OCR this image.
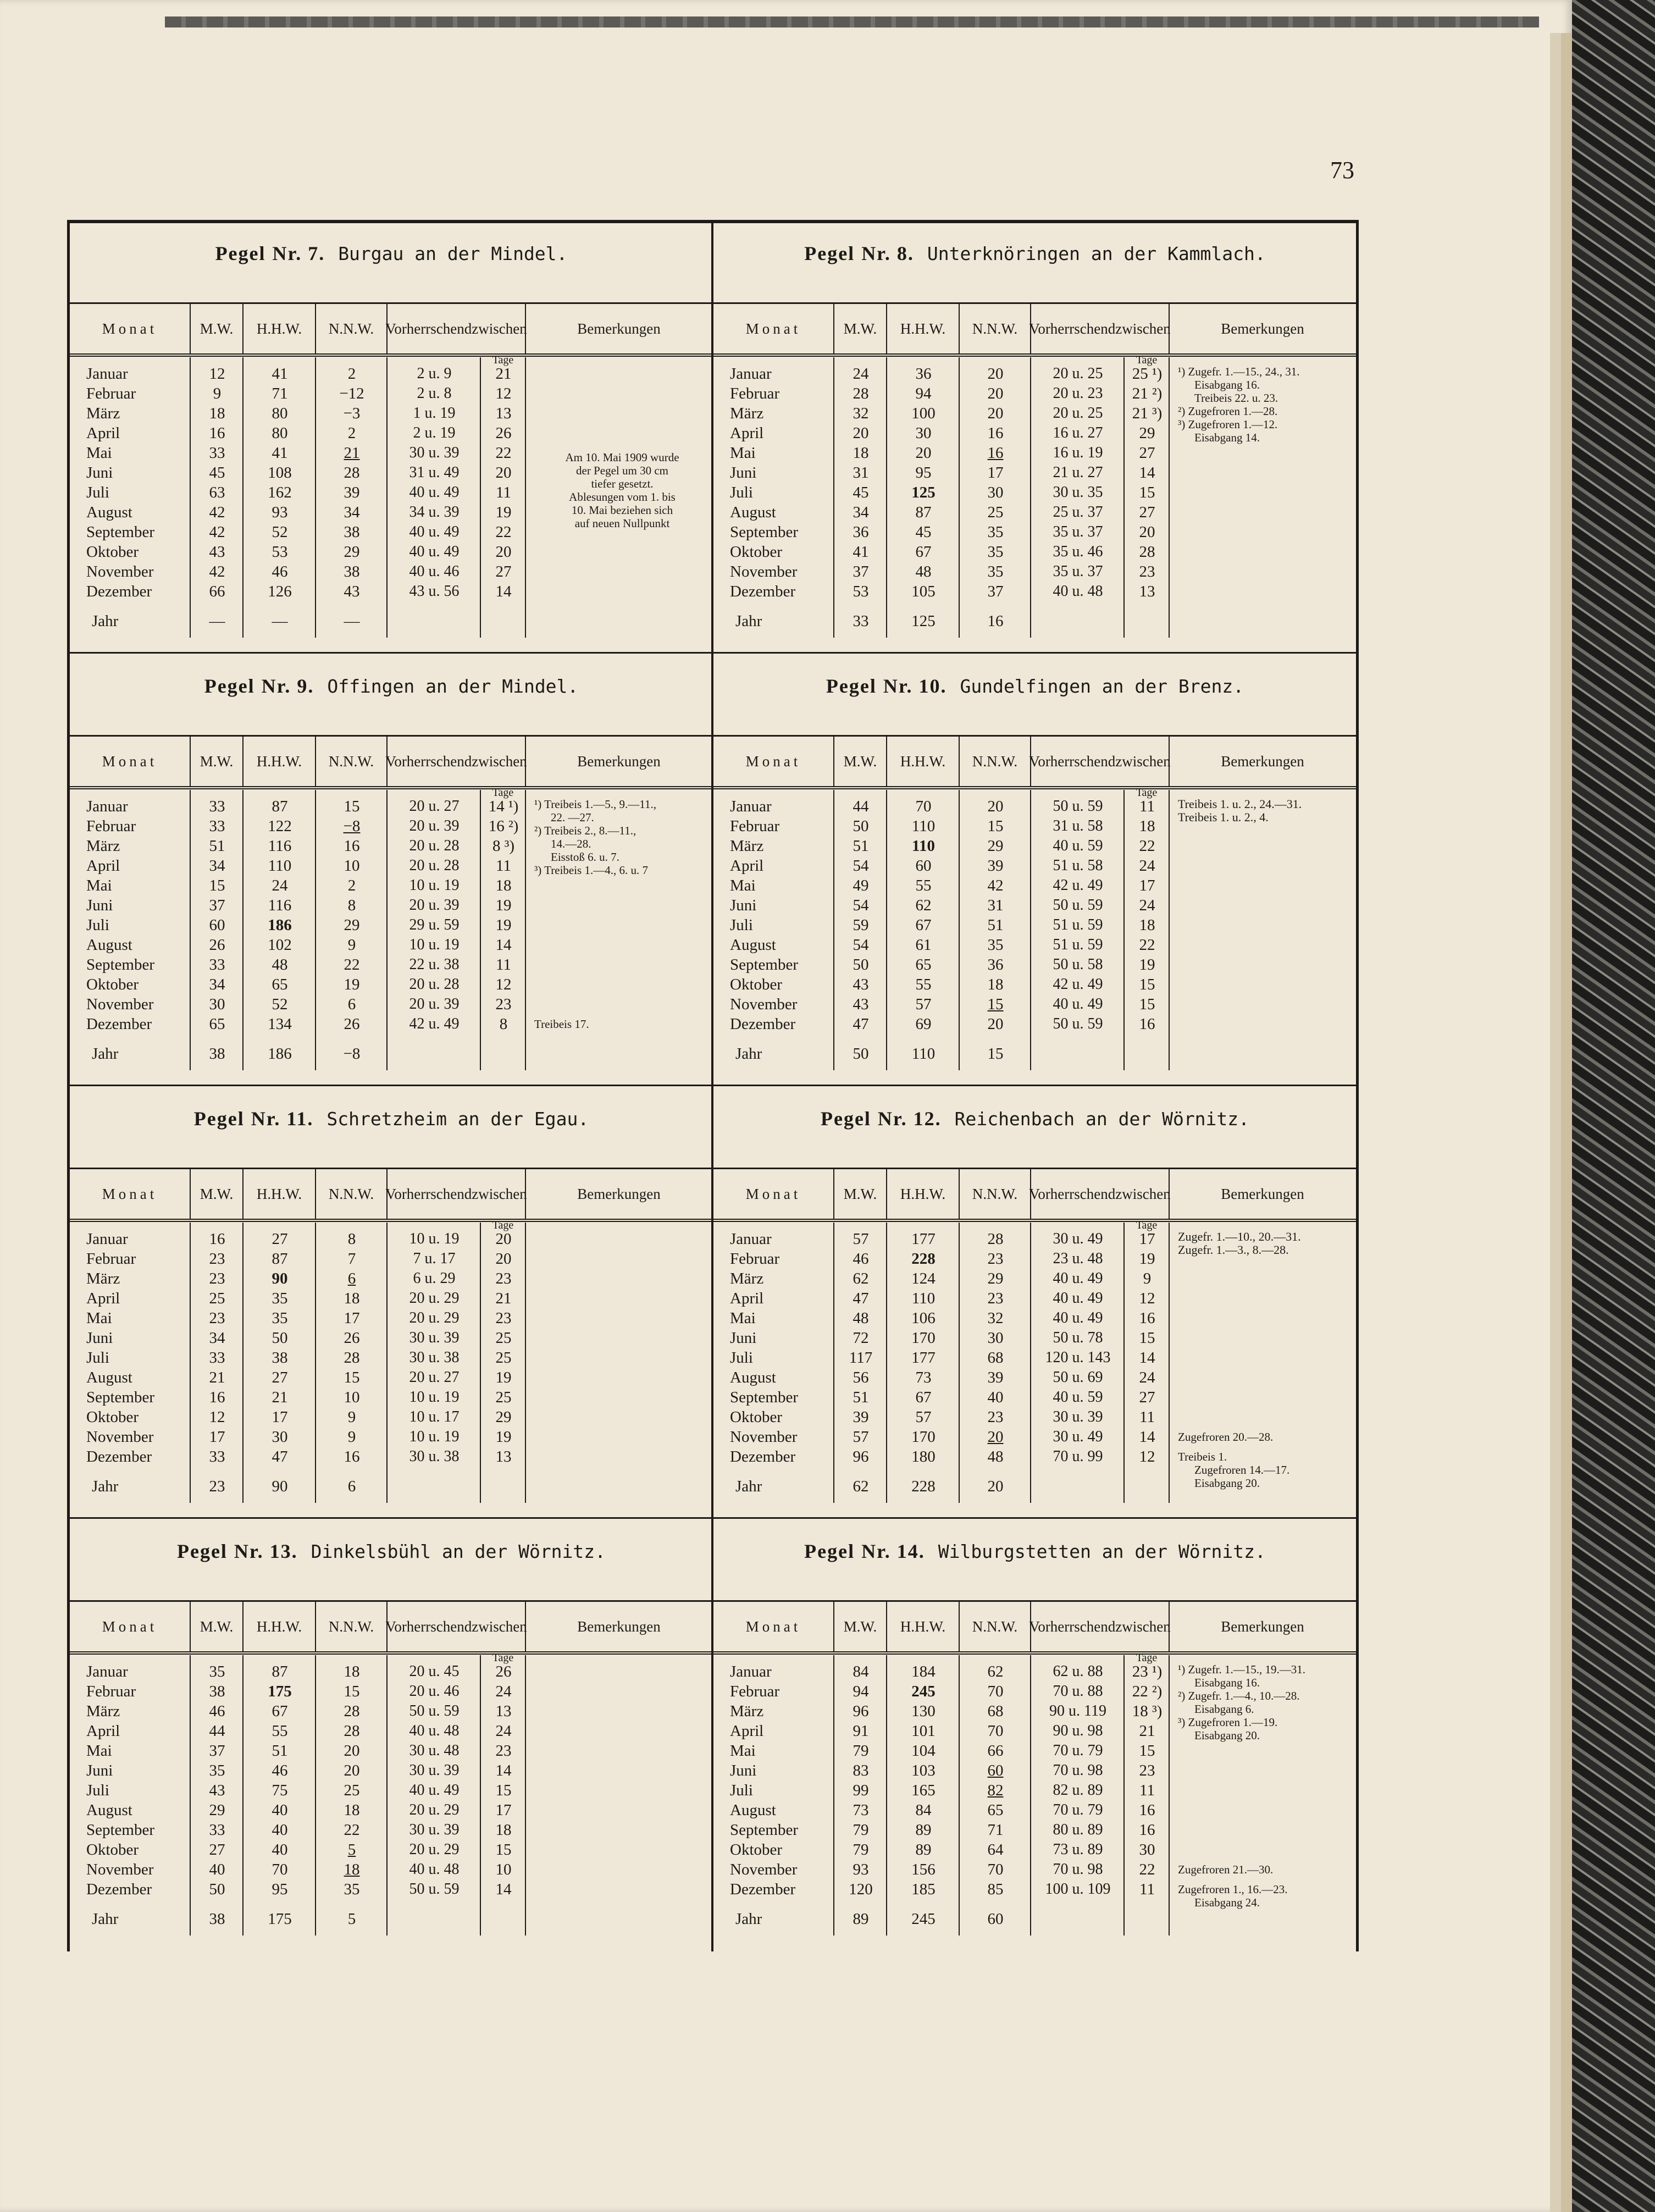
73
Pegel Nr. 7. Burgau an der Mindel.
Monat	M.W.	H.H.W.	N.N.W. Vorherrschend zwischen	Bemerkungen
Tage
Januar	12	41	2	2 u. 9	21
Februar	9	71	−12	2 u. 8	12
März	18	80	−3	1 u. 19	13
April	16	80	2	2 u. 19	26
Mai	33	41	21	30 u. 39	22
Juni	45	108	28	31 u. 49	20
Juli	63	162	39	40 u. 49	11
August	42	93	34	34 u. 39	19
September	42	52	38	40 u. 49	22
Oktober	43	53	29	40 u. 49	20
November	42	46	38	40 u. 46	27
Dezember	66	126	43	43 u. 56	14
Jahr	—	—	—
Am 10. Mai 1909 wurde
der Pegel um 30 cm
tiefer gesetzt.
Ablesungen vom 1. bis
10. Mai beziehen sich
auf neuen Nullpunkt
Pegel Nr. 8. Unterknöringen an der Kammlach.
Monat	M.W.	H.H.W.	N.N.W. Vorherrschend zwischen	Bemerkungen
Tage
Januar	24	36	20	20 u. 25	25 ¹)
Februar	28	94	20	20 u. 23	21 ²)
März	32	100	20	20 u. 25	21 ³)
April	20	30	16	16 u. 27	29
Mai	18	20	16	16 u. 19	27
Juni	31	95	17	21 u. 27	14
Juli	45	125	30	30 u. 35	15
August	34	87	25	25 u. 37	27
September	36	45	35	35 u. 37	20
Oktober	41	67	35	35 u. 46	28
November	37	48	35	35 u. 37	23
Dezember	53	105	37	40 u. 48	13
Jahr	33	125	16
¹) Zugefr. 1.—15., 24., 31.
Eisabgang 16.
Treibeis 22. u. 23.
²) Zugefroren 1.—28.
³) Zugefroren 1.—12.
Eisabgang 14.
Pegel Nr. 9. Offingen an der Mindel.
Monat	M.W.	H.H.W.	N.N.W. Vorherrschend zwischen	Bemerkungen
Tage
Januar	33	87	15	20 u. 27	14 ¹)
Februar	33	122	−8	20 u. 39	16 ²)
März	51	116	16	20 u. 28	8 ³)
April	34	110	10	20 u. 28	11
Mai	15	24	2	10 u. 19	18
Juni	37	116	8	20 u. 39	19
Juli	60	186	29	29 u. 59	19
August	26	102	9	10 u. 19	14
September	33	48	22	22 u. 38	11
Oktober	34	65	19	20 u. 28	12
November	30	52	6	20 u. 39	23
Dezember	65	134	26	42 u. 49	8
Jahr	38	186	−8
¹) Treibeis 1.—5., 9.—11.,
22. —27.
²) Treibeis 2., 8.—11.,
14.—28.
Eisstoß 6. u. 7.
³) Treibeis 1.—4., 6. u. 7
Treibeis 17.
Pegel Nr. 10. Gundelfingen an der Brenz.
Monat	M.W.	H.H.W.	N.N.W. Vorherrschend zwischen	Bemerkungen
Tage
Januar	44	70	20	50 u. 59	11
Februar	50	110	15	31 u. 58	18
März	51	110	29	40 u. 59	22
April	54	60	39	51 u. 58	24
Mai	49	55	42	42 u. 49	17
Juni	54	62	31	50 u. 59	24
Juli	59	67	51	51 u. 59	18
August	54	61	35	51 u. 59	22
September	50	65	36	50 u. 58	19
Oktober	43	55	18	42 u. 49	15
November	43	57	15	40 u. 49	15
Dezember	47	69	20	50 u. 59	16
Jahr	50	110	15
Treibeis 1. u. 2., 24.—31.
Treibeis 1. u. 2., 4.
Pegel Nr. 11. Schretzheim an der Egau.
Monat	M.W.	H.H.W.	N.N.W. Vorherrschend zwischen	Bemerkungen
Tage
Januar	16	27	8	10 u. 19	20
Februar	23	87	7	7 u. 17	20
März	23	90	6	6 u. 29	23
April	25	35	18	20 u. 29	21
Mai	23	35	17	20 u. 29	23
Juni	34	50	26	30 u. 39	25
Juli	33	38	28	30 u. 38	25
August	21	27	15	20 u. 27	19
September	16	21	10	10 u. 19	25
Oktober	12	17	9	10 u. 17	29
November	17	30	9	10 u. 19	19
Dezember	33	47	16	30 u. 38	13
Jahr	23	90	6
Pegel Nr. 12. Reichenbach an der Wörnitz.
Monat	M.W.	H.H.W.	N.N.W. Vorherrschend zwischen	Bemerkungen
Tage
Januar	57	177	28	30 u. 49	17
Februar	46	228	23	23 u. 48	19
März	62	124	29	40 u. 49	9
April	47	110	23	40 u. 49	12
Mai	48	106	32	40 u. 49	16
Juni	72	170	30	50 u. 78	15
Juli	117	177	68	120 u. 143	14
August	56	73	39	50 u. 69	24
September	51	67	40	40 u. 59	27
Oktober	39	57	23	30 u. 39	11
November	57	170	20	30 u. 49	14
Dezember	96	180	48	70 u. 99	12
Jahr	62	228	20
Zugefr. 1.—10., 20.—31.
Zugefr. 1.—3., 8.—28.
Zugefroren 20.—28.
Treibeis 1.
Zugefroren 14.—17.
Eisabgang 20.
Pegel Nr. 13. Dinkelsbühl an der Wörnitz.
Monat	M.W.	H.H.W.	N.N.W. Vorherrschend zwischen	Bemerkungen
Tage
Januar	35	87	18	20 u. 45	26
Februar	38	175	15	20 u. 46	24
März	46	67	28	50 u. 59	13
April	44	55	28	40 u. 48	24
Mai	37	51	20	30 u. 48	23
Juni	35	46	20	30 u. 39	14
Juli	43	75	25	40 u. 49	15
August	29	40	18	20 u. 29	17
September	33	40	22	30 u. 39	18
Oktober	27	40	5	20 u. 29	15
November	40	70	18	40 u. 48	10
Dezember	50	95	35	50 u. 59	14
Jahr	38	175	5
Pegel Nr. 14. Wilburgstetten an der Wörnitz.
Monat	M.W.	H.H.W.	N.N.W. Vorherrschend zwischen	Bemerkungen
Tage
Januar	84	184	62	62 u. 88	23 ¹)
Februar	94	245	70	70 u. 88	22 ²)
März	96	130	68	90 u. 119	18 ³)
April	91	101	70	90 u. 98	21
Mai	79	104	66	70 u. 79	15
Juni	83	103	60	70 u. 98	23
Juli	99	165	82	82 u. 89	11
August	73	84	65	70 u. 79	16
September	79	89	71	80 u. 89	16
Oktober	79	89	64	73 u. 89	30
November	93	156	70	70 u. 98	22
Dezember	120	185	85	100 u. 109	11
Jahr	89	245	60
¹) Zugefr. 1.—15., 19.—31.
Eisabgang 16.
²) Zugefr. 1.—4., 10.—28.
Eisabgang 6.
³) Zugefroren 1.—19.
Eisabgang 20.
Zugefroren 21.—30.
Zugefroren 1., 16.—23.
Eisabgang 24.
